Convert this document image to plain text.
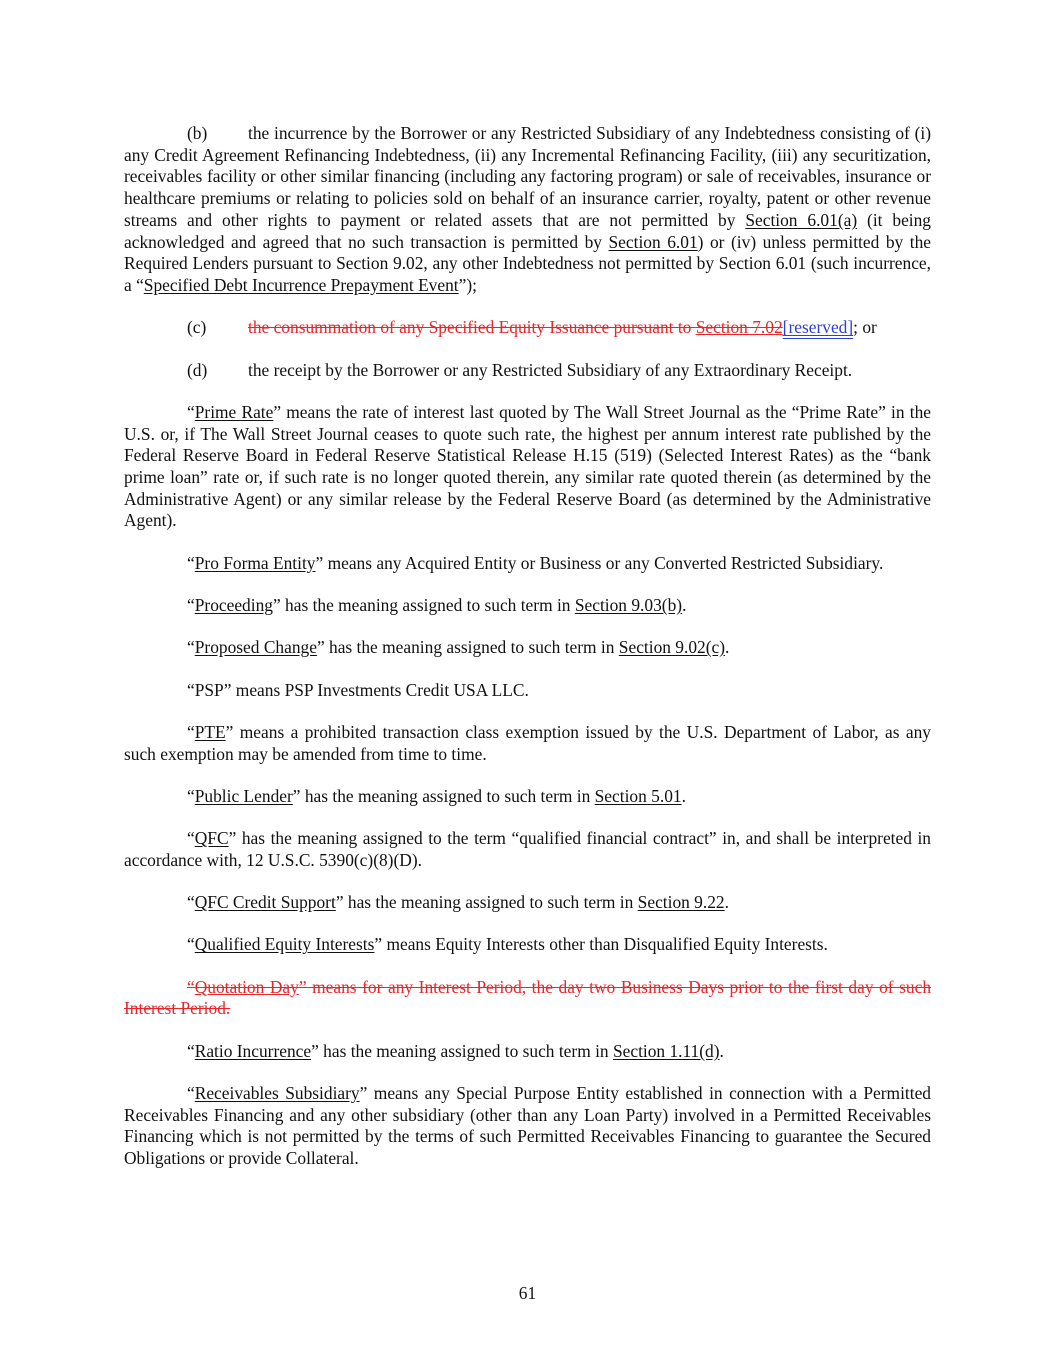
(b) the incurrence by the Borrower or any Restricted Subsidiary of any Indebtedness consisting of (i) any Credit Agreement Refinancing Indebtedness, (ii) any Incremental Refinancing Facility, (iii) any securitization, receivables facility or other similar financing (including any factoring program) or sale of receivables, insurance or healthcare premiums or relating to policies sold on behalf of an insurance carrier, royalty, patent or other revenue streams and other rights to payment or related assets that are not permitted by Section 6.01(a) (it being acknowledged and agreed that no such transaction is permitted by Section 6.01) or (iv) unless permitted by the Required Lenders pursuant to Section 9.02, any other Indebtedness not permitted by Section 6.01 (such incurrence, a “Specified Debt Incurrence Prepayment Event”);

(c) the consummation of any Specified Equity Issuance pursuant to Section 7.02[reserved]; or

(d) the receipt by the Borrower or any Restricted Subsidiary of any Extraordinary Receipt.

“Prime Rate” means the rate of interest last quoted by The Wall Street Journal as the “Prime Rate” in the U.S. or, if The Wall Street Journal ceases to quote such rate, the highest per annum interest rate published by the Federal Reserve Board in Federal Reserve Statistical Release H.15 (519) (Selected Interest Rates) as the “bank prime loan” rate or, if such rate is no longer quoted therein, any similar rate quoted therein (as determined by the Administrative Agent) or any similar release by the Federal Reserve Board (as determined by the Administrative Agent).

“Pro Forma Entity” means any Acquired Entity or Business or any Converted Restricted Subsidiary.

“Proceeding” has the meaning assigned to such term in Section 9.03(b).

“Proposed Change” has the meaning assigned to such term in Section 9.02(c).

“PSP” means PSP Investments Credit USA LLC.

“PTE” means a prohibited transaction class exemption issued by the U.S. Department of Labor, as any such exemption may be amended from time to time.

“Public Lender” has the meaning assigned to such term in Section 5.01.

“QFC” has the meaning assigned to the term “qualified financial contract” in, and shall be interpreted in accordance with, 12 U.S.C. 5390(c)(8)(D).

“QFC Credit Support” has the meaning assigned to such term in Section 9.22.

“Qualified Equity Interests” means Equity Interests other than Disqualified Equity Interests.

“Quotation Day” means for any Interest Period, the day two Business Days prior to the first day of such Interest Period.

“Ratio Incurrence” has the meaning assigned to such term in Section 1.11(d).

“Receivables Subsidiary” means any Special Purpose Entity established in connection with a Permitted Receivables Financing and any other subsidiary (other than any Loan Party) involved in a Permitted Receivables Financing which is not permitted by the terms of such Permitted Receivables Financing to guarantee the Secured Obligations or provide Collateral.

61
